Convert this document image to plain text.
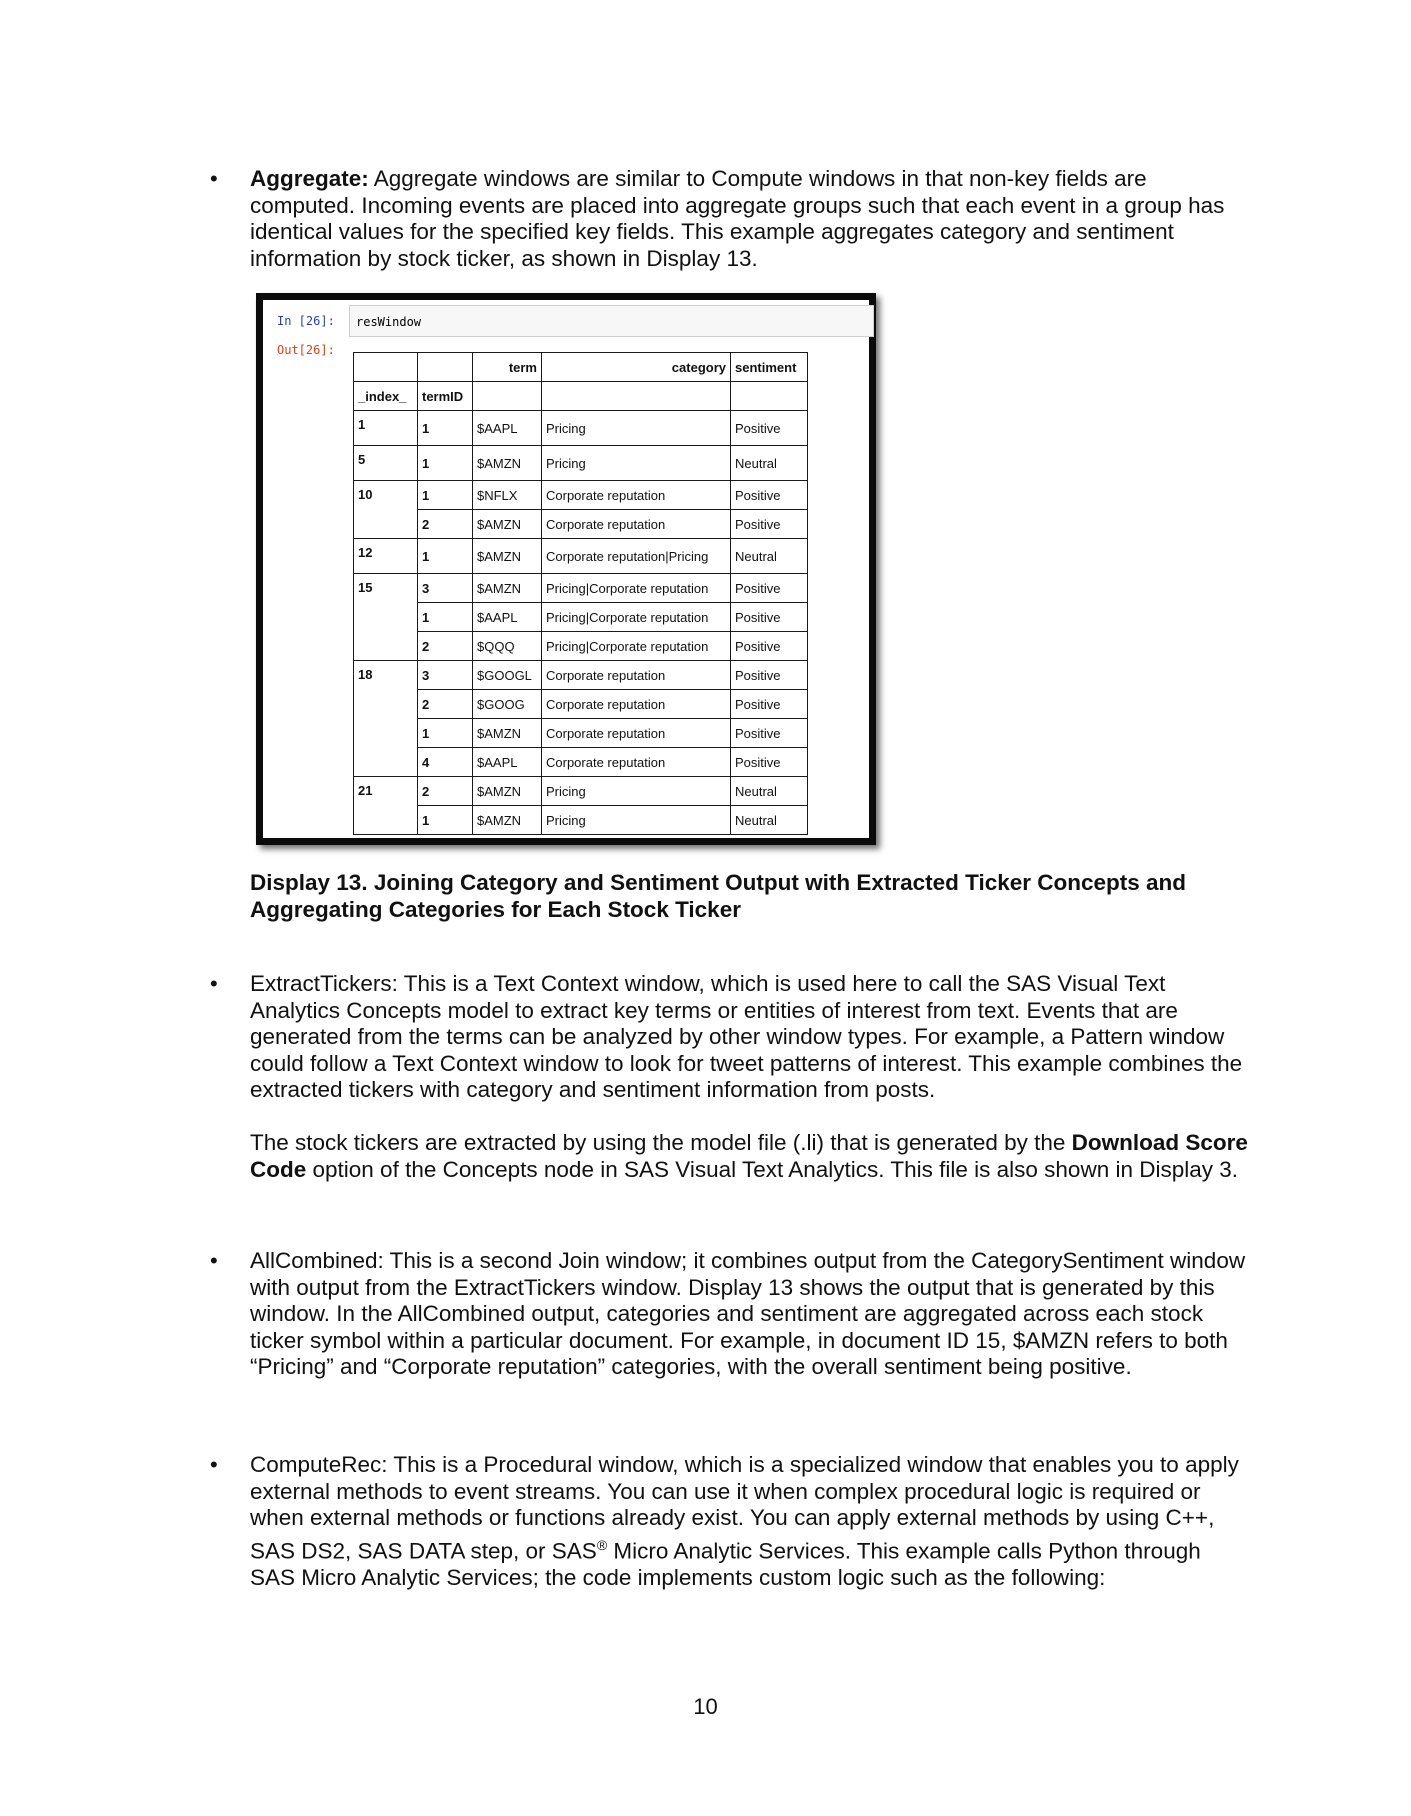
• Aggregate: Aggregate windows are similar to Compute windows in that non-key fields are computed. Incoming events are placed into aggregate groups such that each event in a group has identical values for the specified key fields. This example aggregates category and sentiment information by stock ticker, as shown in Display 13.

In [26]:	resWindow
Out[26]:
		term	category	sentiment
_index_	termID			
1	1	$AAPL	Pricing	Positive
5	1	$AMZN	Pricing	Neutral
10	1	$NFLX	Corporate reputation	Positive
	2	$AMZN	Corporate reputation	Positive
12	1	$AMZN	Corporate reputation|Pricing	Neutral
15	3	$AMZN	Pricing|Corporate reputation	Positive
	1	$AAPL	Pricing|Corporate reputation	Positive
	2	$QQQ	Pricing|Corporate reputation	Positive
18	3	$GOOGL	Corporate reputation	Positive
	2	$GOOG	Corporate reputation	Positive
	1	$AMZN	Corporate reputation	Positive
	4	$AAPL	Corporate reputation	Positive
21	2	$AMZN	Pricing	Neutral
	1	$AMZN	Pricing	Neutral
Display 13. Joining Category and Sentiment Output with Extracted Ticker Concepts and Aggregating Categories for Each Stock Ticker
• ExtractTickers: This is a Text Context window, which is used here to call the SAS Visual Text Analytics Concepts model to extract key terms or entities of interest from text. Events that are generated from the terms can be analyzed by other window types. For example, a Pattern window could follow a Text Context window to look for tweet patterns of interest. This example combines the extracted tickers with category and sentiment information from posts.

The stock tickers are extracted by using the model file (.li) that is generated by the Download Score Code option of the Concepts node in SAS Visual Text Analytics. This file is also shown in Display 3.

• AllCombined: This is a second Join window; it combines output from the CategorySentiment window with output from the ExtractTickers window. Display 13 shows the output that is generated by this window. In the AllCombined output, categories and sentiment are aggregated across each stock ticker symbol within a particular document. For example, in document ID 15, $AMZN refers to both “Pricing” and “Corporate reputation” categories, with the overall sentiment being positive.

• ComputeRec: This is a Procedural window, which is a specialized window that enables you to apply external methods to event streams. You can use it when complex procedural logic is required or when external methods or functions already exist. You can apply external methods by using C++, SAS DS2, SAS DATA step, or SAS® Micro Analytic Services. This example calls Python through SAS Micro Analytic Services; the code implements custom logic such as the following:

10
